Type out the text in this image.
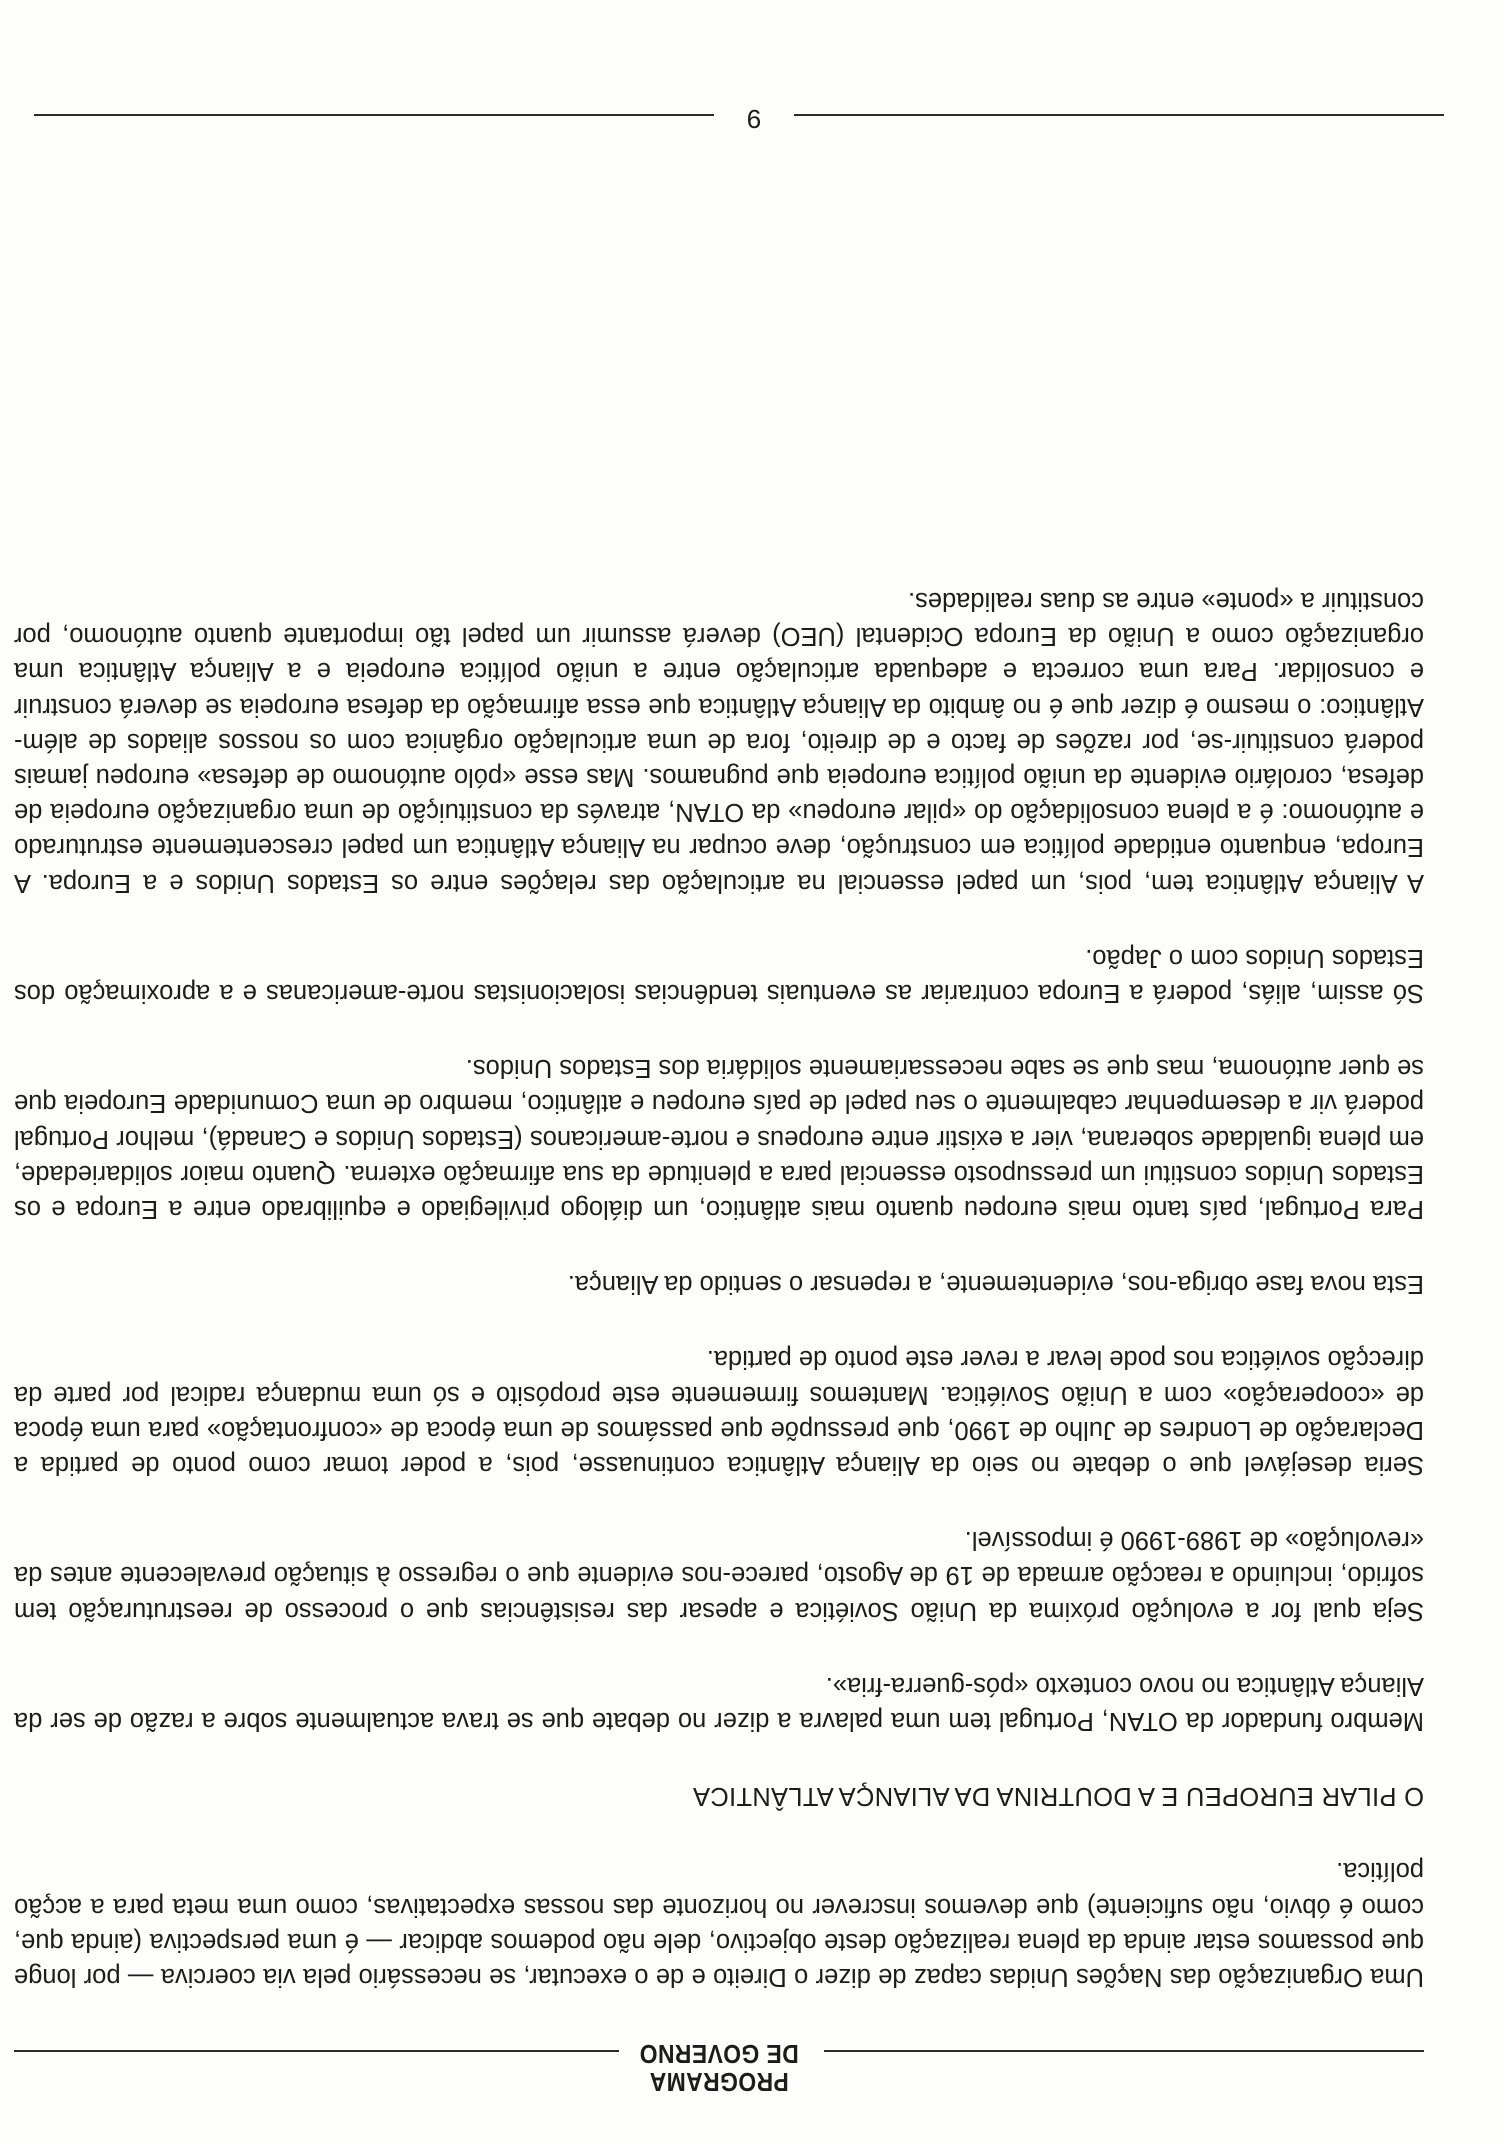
PROGRAMA
DE GOVERNO

Uma Organização das Nações Unidas capaz de dizer o Direito e de o executar, se necessário pela via coerciva — por longe que possamos estar ainda da plena realização deste objectivo, dele não podemos abdicar — é uma perspectiva (ainda que, como é óbvio, não suficiente) que devemos inscrever no horizonte das nossas expectativas, como uma meta para a acção política.

O PILAR EUROPEU E A DOUTRINA DA ALIANÇA ATLÂNTICA

Membro fundador da OTAN, Portugal tem uma palavra a dizer no debate que se trava actualmente sobre a razão de ser da Aliança Atlântica no novo contexto «pós-guerra-fria».

Seja qual for a evolução próxima da União Soviética e apesar das resistências que o processo de reestruturação tem sofrido, incluindo a reacção armada de 19 de Agosto, parece-nos evidente que o regresso à situação prevalecente antes da «revolução» de 1989-1990 é impossível.

Seria desejável que o debate no seio da Aliança Atlântica continuasse, pois, a poder tomar como ponto de partida a Declaração de Londres de Julho de 1990, que pressupõe que passámos de uma época de «confrontação» para uma época de «cooperação» com a União Soviética. Mantemos firmemente este propósito e só uma mudança radical por parte da direcção soviética nos pode levar a rever este ponto de partida.

Esta nova fase obriga-nos, evidentemente, a repensar o sentido da Aliança.

Para Portugal, país tanto mais europeu quanto mais atlântico, um diálogo privilegiado e equilibrado entre a Europa e os Estados Unidos constitui um pressuposto essencial para a plenitude da sua afirmação externa. Quanto maior solidariedade, em plena igualdade soberana, vier a existir entre europeus e norte-americanos (Estados Unidos e Canadá), melhor Portugal poderá vir a desempenhar cabalmente o seu papel de país europeu e atlântico, membro de uma Comunidade Europeia que se quer autónoma, mas que se sabe necessariamente solidária dos Estados Unidos.

Só assim, aliás, poderá a Europa contrariar as eventuais tendências isolacionistas norte-americanas e a aproximação dos Estados Unidos com o Japão.

A Aliança Atlântica tem, pois, um papel essencial na articulação das relações entre os Estados Unidos e a Europa. A Europa, enquanto entidade política em construção, deve ocupar na Aliança Atlântica um papel crescentemente estruturado e autónomo: é a plena consolidação do «pilar europeu» da OTAN, através da constituição de uma organização europeia de defesa, corolário evidente da união política europeia que pugnamos. Mas esse «pólo autónomo de defesa» europeu jamais poderá constituir-se, por razões de facto e de direito, fora de uma articulação orgânica com os nossos aliados de além-Atlântico: o mesmo é dizer que é no âmbito da Aliança Atlântica que essa afirmação da defesa europeia se deverá construir e consolidar. Para uma correcta e adequada articulação entre a união política europeia e a Aliança Atlântica uma organização como a União da Europa Ocidental (UEO) deverá assumir um papel tão importante quanto autónomo, por constituir a «ponte» entre as duas realidades.

9
